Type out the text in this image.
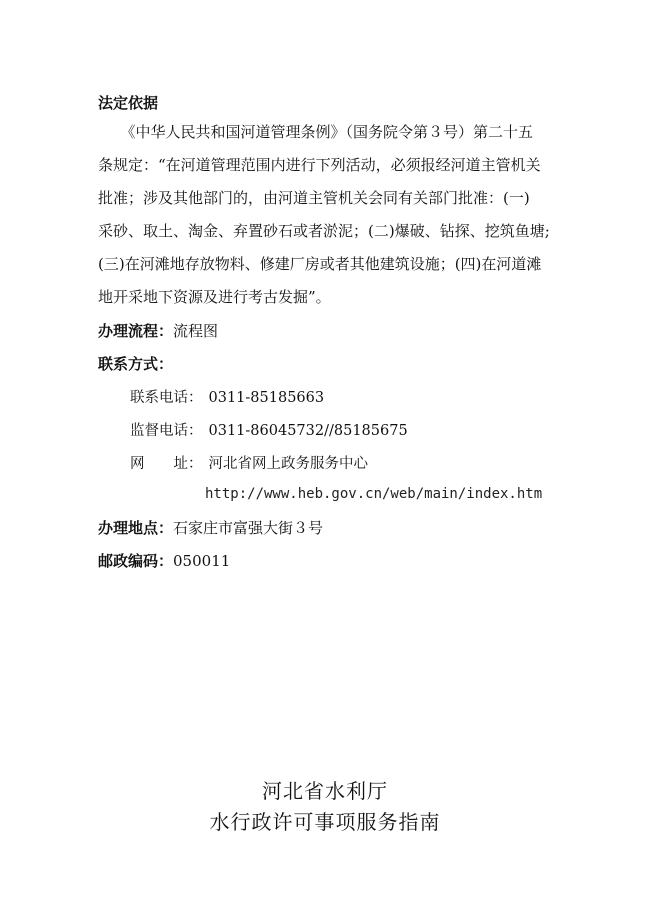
法定依据
　　《中华人民共和国河道管理条例》（国务院令第３号）第二十五
条规定：“在河道管理范围内进行下列活动，必须报经河道主管机关
批准；涉及其他部门的，由河道主管机关会同有关部门批准：(一)
采砂、取土、淘金、弃置砂石或者淤泥；(二)爆破、钻探、挖筑鱼塘;
(三)在河滩地存放物料、修建厂房或者其他建筑设施；(四)在河道滩
地开采地下资源及进行考古发掘”。
办理流程：流程图
联系方式：
联系电话： 0311-85185663
监督电话： 0311-86045732//85185675
网　　址： 河北省网上政务服务中心
http://www.heb.gov.cn/web/main/index.htm
办理地点：石家庄市富强大街３号
邮政编码：050011
河北省水利厅
水行政许可事项服务指南
